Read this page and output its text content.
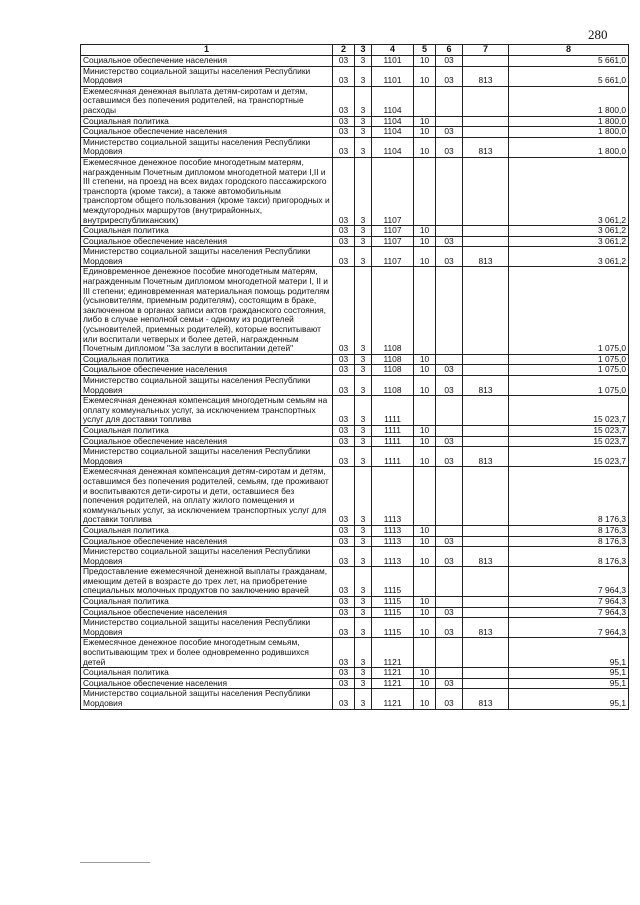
280
1	2	3	4	5	6	7	8
Социальное обеспечение населения	03	3	1101	10	03		5 661,0
Министерство социальной защиты населения Республики Мордовия	03	3	1101	10	03	813	5 661,0
Ежемесячная денежная выплата детям-сиротам и детям, оставшимся без попечения родителей, на транспортные расходы	03	3	1104				1 800,0
Социальная политика	03	3	1104	10			1 800,0
Социальное обеспечение населения	03	3	1104	10	03		1 800,0
Министерство социальной защиты населения Республики Мордовия	03	3	1104	10	03	813	1 800,0
Ежемесячное денежное пособие многодетным матерям, награжденным Почетным дипломом многодетной матери I,II и III степени, на проезд на всех видах городского пассажирского транспорта (кроме такси), а также автомобильным транспортом общего пользования (кроме такси) пригородных и междугородных маршрутов (внутрирайонных, внутриреспубликанских)	03	3	1107				3 061,2
Социальная политика	03	3	1107	10			3 061,2
Социальное обеспечение населения	03	3	1107	10	03		3 061,2
Министерство социальной защиты населения Республики Мордовия	03	3	1107	10	03	813	3 061,2
Единовременное денежное пособие многодетным матерям, награжденным Почетным дипломом многодетной матери I, II и III степени; единовременная материальная помощь родителям (усыновителям, приемным родителям), состоящим в браке, заключенном в органах записи актов гражданского состояния, либо в случае неполной семьи - одному из родителей (усыновителей, приемных родителей), которые воспитывают или воспитали четверых и более детей, награжденным Почетным дипломом "За заслуги в воспитании детей"	03	3	1108				1 075,0
Социальная политика	03	3	1108	10			1 075,0
Социальное обеспечение населения	03	3	1108	10	03		1 075,0
Министерство социальной защиты населения Республики Мордовия	03	3	1108	10	03	813	1 075,0
Ежемесячная денежная компенсация многодетным семьям на оплату коммунальных услуг, за исключением транспортных услуг для доставки топлива	03	3	1111				15 023,7
Социальная политика	03	3	1111	10			15 023,7
Социальное обеспечение населения	03	3	1111	10	03		15 023,7
Министерство социальной защиты населения Республики Мордовия	03	3	1111	10	03	813	15 023,7
Ежемесячная денежная компенсация детям-сиротам и детям, оставшимся без попечения родителей, семьям, где проживают и воспитываются дети-сироты и дети, оставшиеся без попечения родителей, на оплату жилого помещения и коммунальных услуг, за исключением транспортных услуг для доставки топлива	03	3	1113				8 176,3
Социальная политика	03	3	1113	10			8 176,3
Социальное обеспечение населения	03	3	1113	10	03		8 176,3
Министерство социальной защиты населения Республики Мордовия	03	3	1113	10	03	813	8 176,3
Предоставление ежемесячной денежной выплаты гражданам, имеющим детей в возрасте до трех лет, на приобретение специальных молочных продуктов по заключению врачей	03	3	1115				7 964,3
Социальная политика	03	3	1115	10			7 964,3
Социальное обеспечение населения	03	3	1115	10	03		7 964,3
Министерство социальной защиты населения Республики Мордовия	03	3	1115	10	03	813	7 964,3
Ежемесячное денежное пособие многодетным семьям, воспитывающим трех и более одновременно родившихся детей	03	3	1121				95,1
Социальная политика	03	3	1121	10			95,1
Социальное обеспечение населения	03	3	1121	10	03		95,1
Министерство социальной защиты населения Республики Мордовия	03	3	1121	10	03	813	95,1
